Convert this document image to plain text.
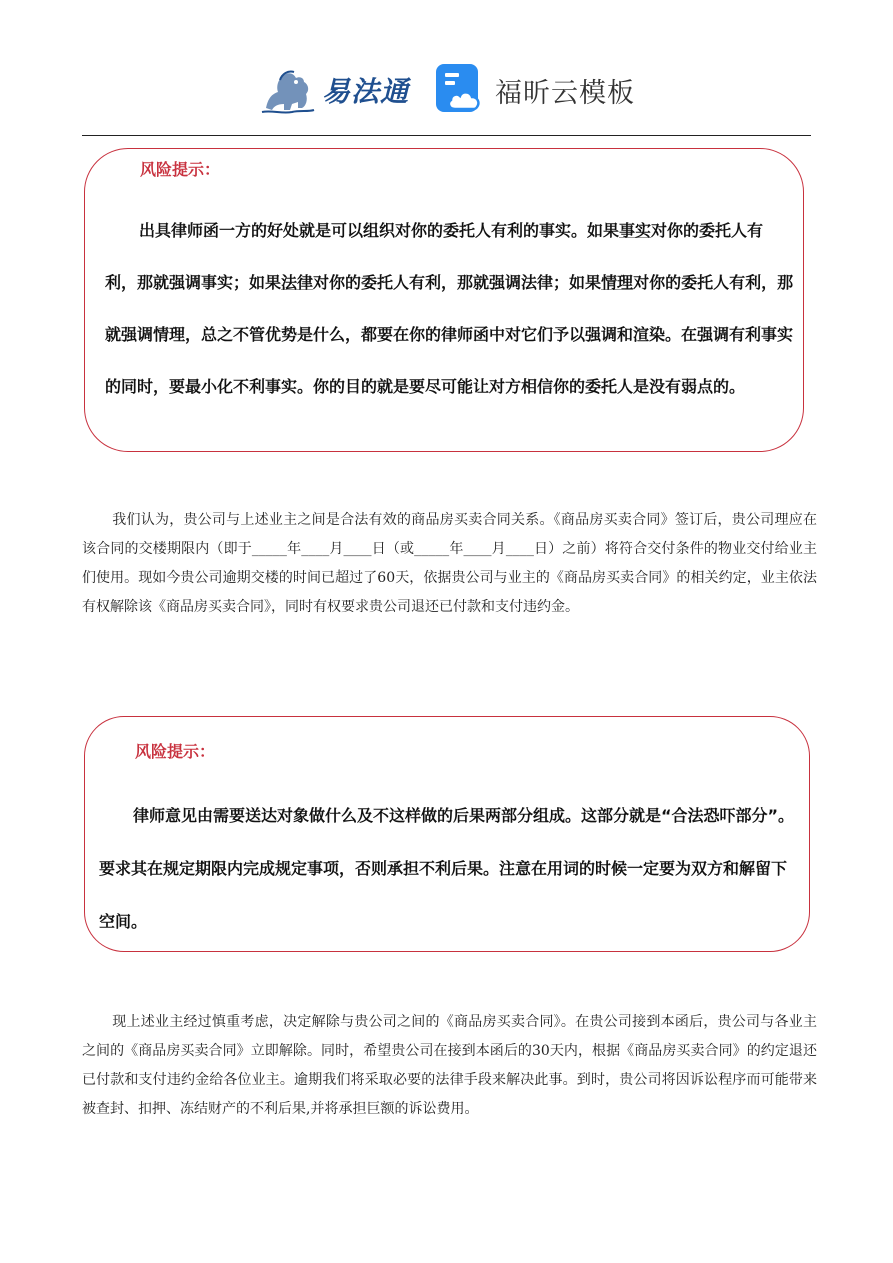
易法通	福昕云模板
风险提示：
出具律师函一方的好处就是可以组织对你的委托人有利的事实。如果事实对你的委托人有利，那就强调事实；如果法律对你的委托人有利，那就强调法律；如果情理对你的委托人有利，那就强调情理，总之不管优势是什么，都要在你的律师函中对它们予以强调和渲染。在强调有利事实的同时，要最小化不利事实。你的目的就是要尽可能让对方相信你的委托人是没有弱点的。
我们认为，贵公司与上述业主之间是合法有效的商品房买卖合同关系。《商品房买卖合同》签订后，贵公司理应在该合同的交楼期限内（即于_____年____月____日（或_____年____月____日）之前）将符合交付条件的物业交付给业主们使用。现如今贵公司逾期交楼的时间已超过了60天，依据贵公司与业主的《商品房买卖合同》的相关约定，业主依法有权解除该《商品房买卖合同》，同时有权要求贵公司退还已付款和支付违约金。
风险提示：
律师意见由需要送达对象做什么及不这样做的后果两部分组成。这部分就是“合法恐吓部分”。要求其在规定期限内完成规定事项，否则承担不利后果。注意在用词的时候一定要为双方和解留下空间。
现上述业主经过慎重考虑，决定解除与贵公司之间的《商品房买卖合同》。在贵公司接到本函后，贵公司与各业主之间的《商品房买卖合同》立即解除。同时，希望贵公司在接到本函后的30天内，根据《商品房买卖合同》的约定退还已付款和支付违约金给各位业主。逾期我们将采取必要的法律手段来解决此事。到时，贵公司将因诉讼程序而可能带来被查封、扣押、冻结财产的不利后果,并将承担巨额的诉讼费用。
